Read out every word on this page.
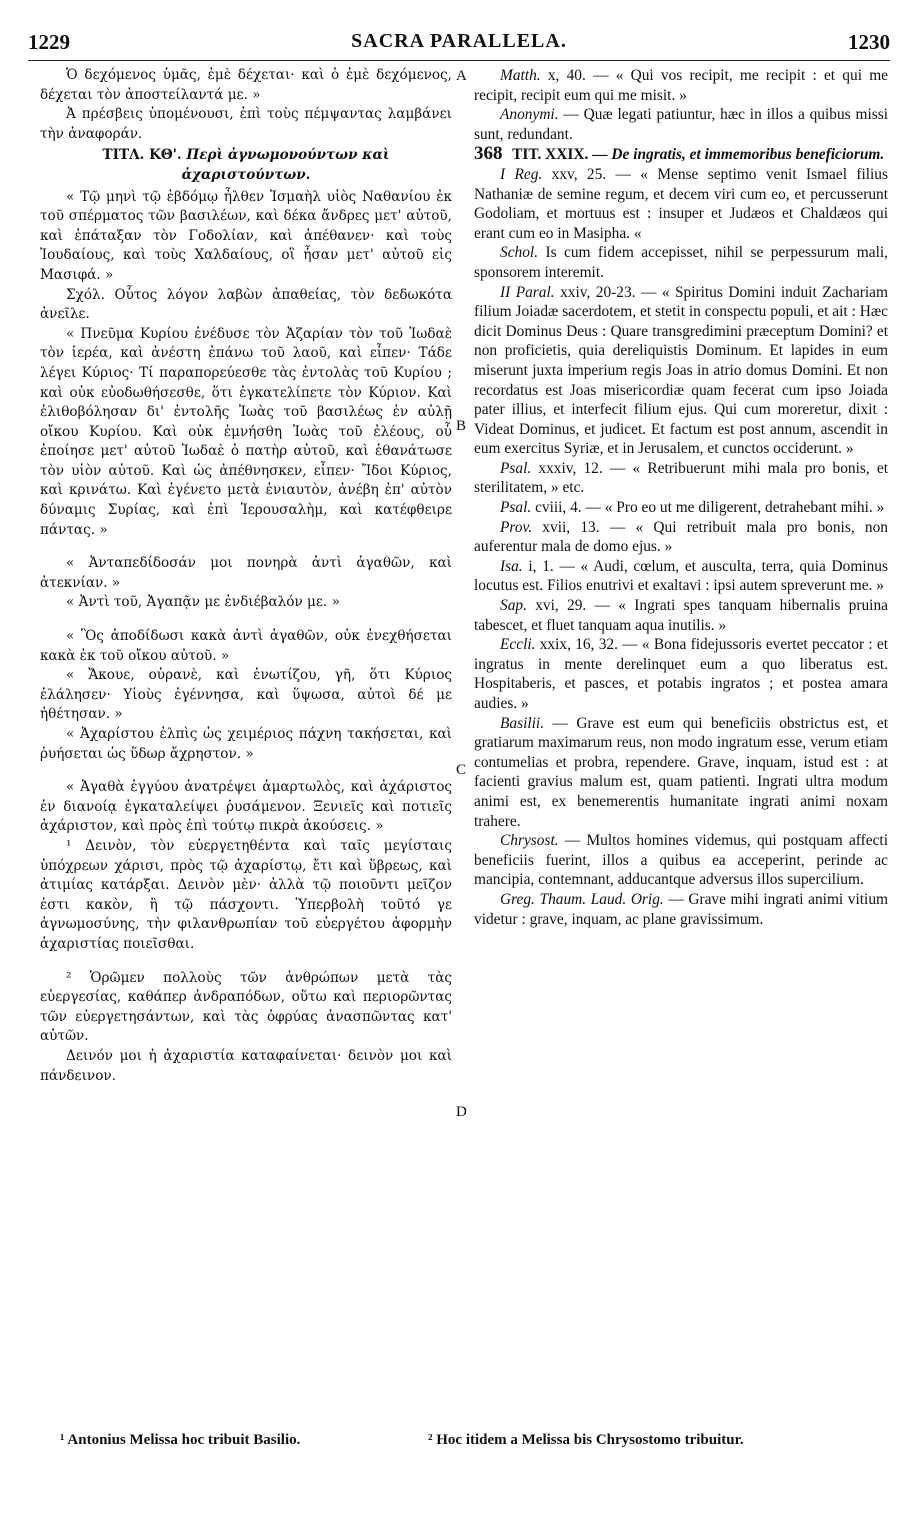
1229	SACRA PARALLELA.	1230

Ὁ δεχόμενος ὑμᾶς, ἐμὲ δέχεται· καὶ ὁ ἐμὲ δεχόμενος, δέχεται τὸν ἀποστείλαντά με. »

Ἀ πρέσβεις ὑπομένουσι, ἐπὶ τοὺς πέμψαντας λαμβάνει τὴν ἀναφοράν.

ΤΙΤΛ. ΚΘ'. Περὶ ἀγνωμονούντων καὶ ἀχαριστούντων.

« Τῷ μηνὶ τῷ ἑβδόμῳ ἦλθεν Ἰσμαὴλ υἱὸς Ναθανίου ἐκ τοῦ σπέρματος τῶν βασιλέων, καὶ δέκα ἄνδρες μετ' αὐτοῦ, καὶ ἐπάταξαν τὸν Γοδολίαν, καὶ ἀπέθανεν· καὶ τοὺς Ἰουδαίους, καὶ τοὺς Χαλδαίους, οἳ ἦσαν μετ' αὐτοῦ εἰς Μασιφά. »

Σχόλ. Οὗτος λόγον λαβὼν ἀπαθείας, τὸν δεδωκότα ἀνεῖλε.

« Πνεῦμα Κυρίου ἐνέδυσε τὸν Ἀζαρίαν τὸν τοῦ Ἰωδαὲ τὸν ἱερέα, καὶ ἀνέστη ἐπάνω τοῦ λαοῦ, καὶ εἶπεν· Τάδε λέγει Κύριος· Τί παραπορεύεσθε τὰς ἐντολὰς τοῦ Κυρίου ; καὶ οὐκ εὐοδωθήσεσθε, ὅτι ἐγκατελίπετε τὸν Κύριον. Καὶ ἐλιθοβόλησαν δι' ἐντολῆς Ἰωὰς τοῦ βασιλέως ἐν αὐλῇ οἴκου Κυρίου. Καὶ οὐκ ἐμνήσθη Ἰωὰς τοῦ ἐλέους, οὗ ἐποίησε μετ' αὐτοῦ Ἰωδαὲ ὁ πατὴρ αὐτοῦ, καὶ ἐθανάτωσε τὸν υἱὸν αὐτοῦ. Καὶ ὡς ἀπέθνησκεν, εἶπεν· Ἴδοι Κύριος, καὶ κρινάτω. Καὶ ἐγένετο μετὰ ἐνιαυτὸν, ἀνέβη ἐπ' αὐτὸν δύναμις Συρίας, καὶ ἐπὶ Ἱερουσαλὴμ, καὶ κατέφθειρε πάντας. »

« Ἀνταπεδίδοσάν μοι πονηρὰ ἀντὶ ἀγαθῶν, καὶ ἀτεκνίαν. »

« Ἀντὶ τοῦ, Ἀγαπᾷν με ἐνδιέβαλόν με. »

« Ὃς ἀποδίδωσι κακὰ ἀντὶ ἀγαθῶν, οὐκ ἐνεχθήσεται κακὰ ἐκ τοῦ οἴκου αὐτοῦ. »

« Ἄκουε, οὐρανὲ, καὶ ἐνωτίζου, γῆ, ὅτι Κύριος ἐλάλησεν· Υἱοὺς ἐγέννησα, καὶ ὕψωσα, αὐτοὶ δέ με ἠθέτησαν. »

« Ἀχαρίστου ἐλπὶς ὡς χειμέριος πάχνη τακήσεται, καὶ ῥυήσεται ὡς ὕδωρ ἄχρηστον. »

« Ἀγαθὰ ἐγγύου ἀνατρέψει ἁμαρτωλὸς, καὶ ἀχάριστος ἐν διανοίᾳ ἐγκαταλείψει ῥυσάμενον. Ξενιεῖς καὶ ποτιεῖς ἀχάριστον, καὶ πρὸς ἐπὶ τούτῳ πικρὰ ἀκούσεις. »

¹ Δεινὸν, τὸν εὐεργετηθέντα καὶ ταῖς μεγίσταις ὑπόχρεων χάρισι, πρὸς τῷ ἀχαρίστῳ, ἔτι καὶ ὕβρεως, καὶ ἀτιμίας κατάρξαι. Δεινὸν μὲν· ἀλλὰ τῷ ποιοῦντι μεῖζον ἐστι κακὸν, ἢ τῷ πάσχοντι. Ὑπερβολὴ τοῦτό γε ἀγνωμοσύνης, τὴν φιλανθρωπίαν τοῦ εὐεργέτου ἀφορμὴν ἀχαριστίας ποιεῖσθαι.

² Ὁρῶμεν πολλοὺς τῶν ἀνθρώπων μετὰ τὰς εὐεργεσίας, καθάπερ ἀνδραπόδων, οὕτω καὶ περιορῶντας τῶν εὐεργετησάντων, καὶ τὰς ὀφρύας ἀνασπῶντας κατ' αὐτῶν.

Δεινόν μοι ἡ ἀχαριστία καταφαίνεται· δεινὸν μοι καὶ πάνδεινον.

A
B
C
D

Matth. x, 40. — « Qui vos recipit, me recipit : et qui me recipit, recipit eum qui me misit. »

Anonymi. — Quæ legati patiuntur, hæc in illos a quibus missi sunt, redundant.

368 TIT. XXIX. — De ingratis, et immemoribus beneficiorum.

I Reg. xxv, 25. — « Mense septimo venit Ismael filius Nathaniæ de semine regum, et decem viri cum eo, et percusserunt Godoliam, et mortuus est : insuper et Judæos et Chaldæos qui erant cum eo in Masipha. «

Schol. Is cum fidem accepisset, nihil se perpessurum mali, sponsorem interemit.

II Paral. xxiv, 20-23. — « Spiritus Domini induit Zachariam filium Joiadæ sacerdotem, et stetit in conspectu populi, et ait : Hæc dicit Dominus Deus : Quare transgredimini præceptum Domini? et non proficietis, quia dereliquistis Dominum. Et lapides in eum miserunt juxta imperium regis Joas in atrio domus Domini. Et non recordatus est Joas misericordiæ quam fecerat cum ipso Joiada pater illius, et interfecit filium ejus. Qui cum moreretur, dixit : Videat Dominus, et judicet. Et factum est post annum, ascendit in eum exercitus Syriæ, et in Jerusalem, et cunctos occiderunt. »

Psal. xxxiv, 12. — « Retribuerunt mihi mala pro bonis, et sterilitatem, » etc.

Psal. cviii, 4. — « Pro eo ut me diligerent, detrahebant mihi. »

Prov. xvii, 13. — « Qui retribuit mala pro bonis, non auferentur mala de domo ejus. »

Isa. i, 1. — « Audi, cœlum, et ausculta, terra, quia Dominus locutus est. Filios enutrivi et exaltavi : ipsi autem spreverunt me. »

Sap. xvi, 29. — « Ingrati spes tanquam hibernalis pruina tabescet, et fluet tanquam aqua inutilis. »

Eccli. xxix, 16, 32. — « Bona fidejussoris evertet peccator : et ingratus in mente derelinquet eum a quo liberatus est. Hospitaberis, et pasces, et potabis ingratos ; et postea amara audies. »

Basilii. — Grave est eum qui beneficiis obstrictus est, et gratiarum maximarum reus, non modo ingratum esse, verum etiam contumelias et probra, rependere. Grave, inquam, istud est : at facienti gravius malum est, quam patienti. Ingrati ultra modum animi est, ex benemerentis humanitate ingrati animi noxam trahere.

Chrysost. — Multos homines videmus, qui postquam affecti beneficiis fuerint, illos a quibus ea acceperint, perinde ac mancipia, contemnant, adducantque adversus illos supercilium.

Greg. Thaum. Laud. Orig. — Grave mihi ingrati animi vitium videtur : grave, inquam, ac plane gravissimum.

¹ Antonius Melissa hoc tribuit Basilio.	² Hoc itidem a Melissa bis Chrysostomo tribuitur.
